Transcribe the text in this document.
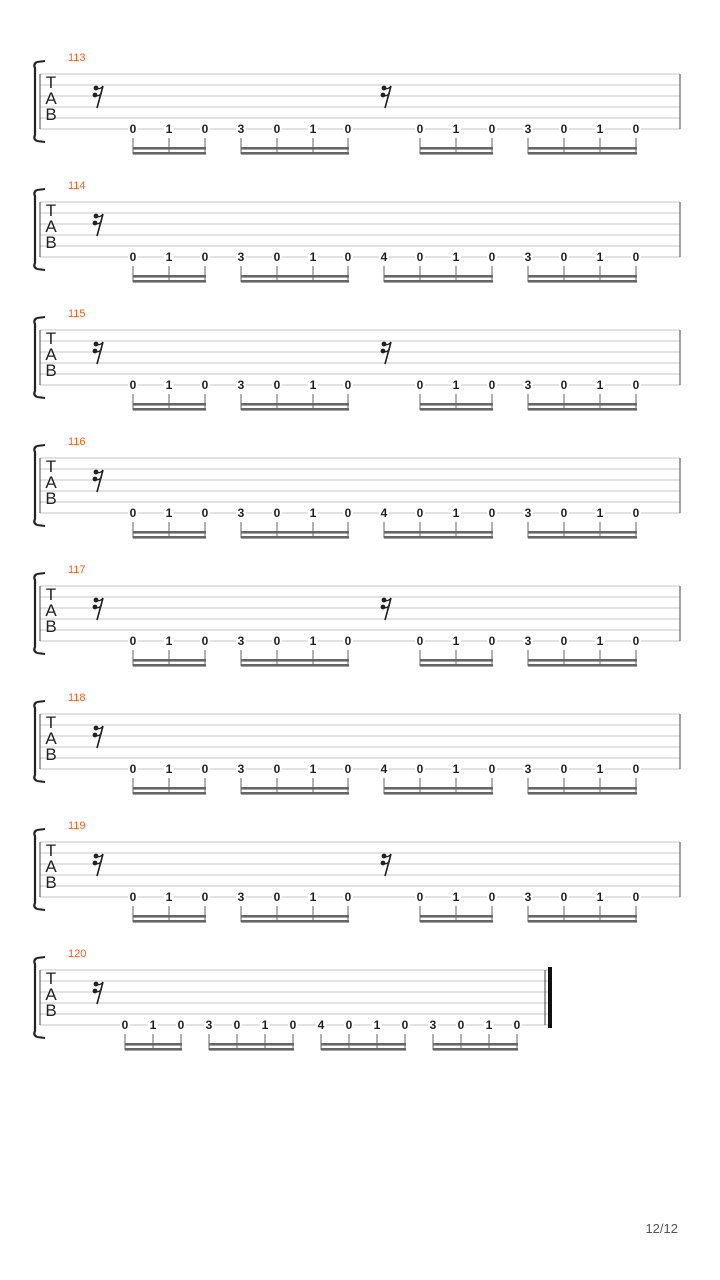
113
T
A
B
0 1 0 3 0 1 0	0 1 0 3 0 1 0
114
T
A
B
0 1 0 3 0 1 0 4 0 1 0 3 0 1 0
115
T
A
B
0 1 0 3 0 1 0	0 1 0 3 0 1 0
116
T
A
B
0 1 0 3 0 1 0 4 0 1 0 3 0 1 0
117
T
A
B
0 1 0 3 0 1 0	0 1 0 3 0 1 0
118
T
A
B
0 1 0 3 0 1 0 4 0 1 0 3 0 1 0
119
T
A
B
0 1 0 3 0 1 0	0 1 0 3 0 1 0
120
T
A
B
0 1 0 3 0 1 0 4 0 1 0 3 0 1 0
12/12
